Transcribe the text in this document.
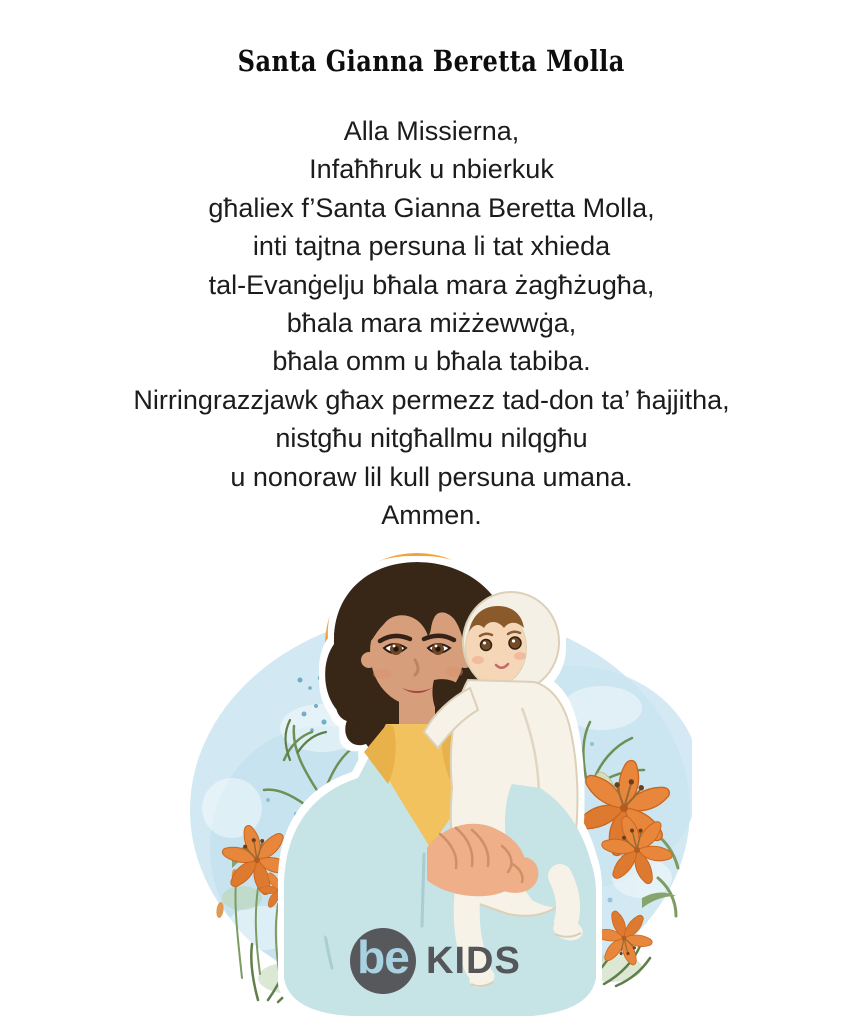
Santa Gianna Beretta Molla
Alla Missierna,
Infaħħruk u nbierkuk
għaliex f’Santa Gianna Beretta Molla,
inti tajtna persuna li tat xhieda
tal-Evanġelju bħala mara żagħżugħa,
bħala mara miżżewwġa,
bħala omm u bħala tabiba.
Nirringrazzjawk għax permezz tad-don ta’ ħajjitha,
nistgħu nitgħallmu nilqgħu
u nonoraw lil kull persuna umana.
Ammen.
be KIDS
